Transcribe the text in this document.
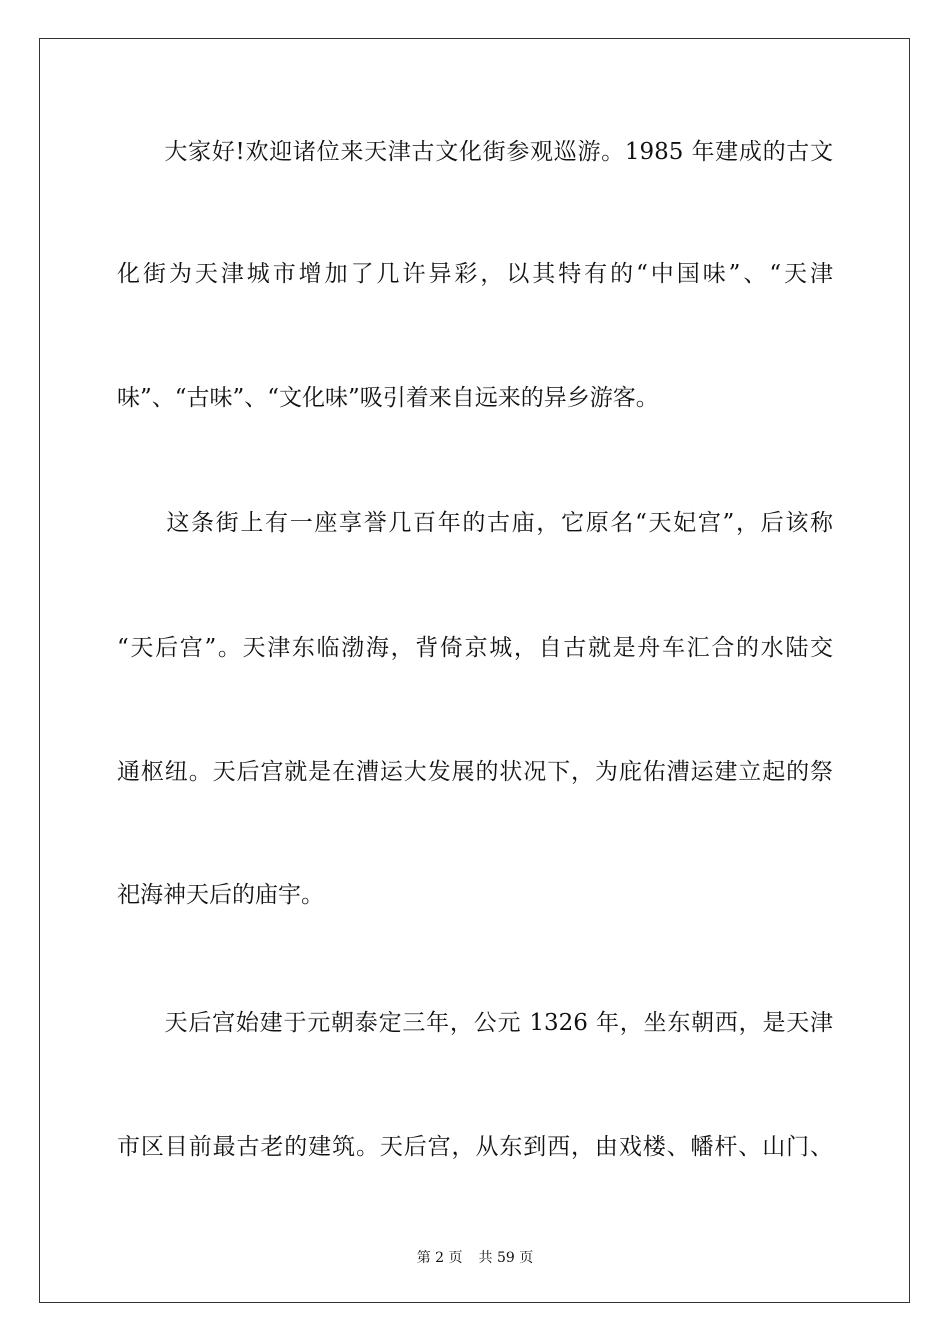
　　大家好!欢迎诸位来天津古文化街参观巡游。1985 年建成的古文
化街为天津城市增加了几许异彩，以其特有的“中国味”、“天津
味”、“古味”、“文化味”吸引着来自远来的异乡游客。
　　这条街上有一座享誉几百年的古庙，它原名“天妃宫”，后该称
“天后宫”。天津东临渤海，背倚京城，自古就是舟车汇合的水陆交
通枢纽。天后宫就是在漕运大发展的状况下，为庇佑漕运建立起的祭
祀海神天后的庙宇。
　　天后宫始建于元朝泰定三年，公元 1326 年，坐东朝西，是天津
市区目前最古老的建筑。天后宫，从东到西，由戏楼、幡杆、山门、
第 2 页 共 59 页
